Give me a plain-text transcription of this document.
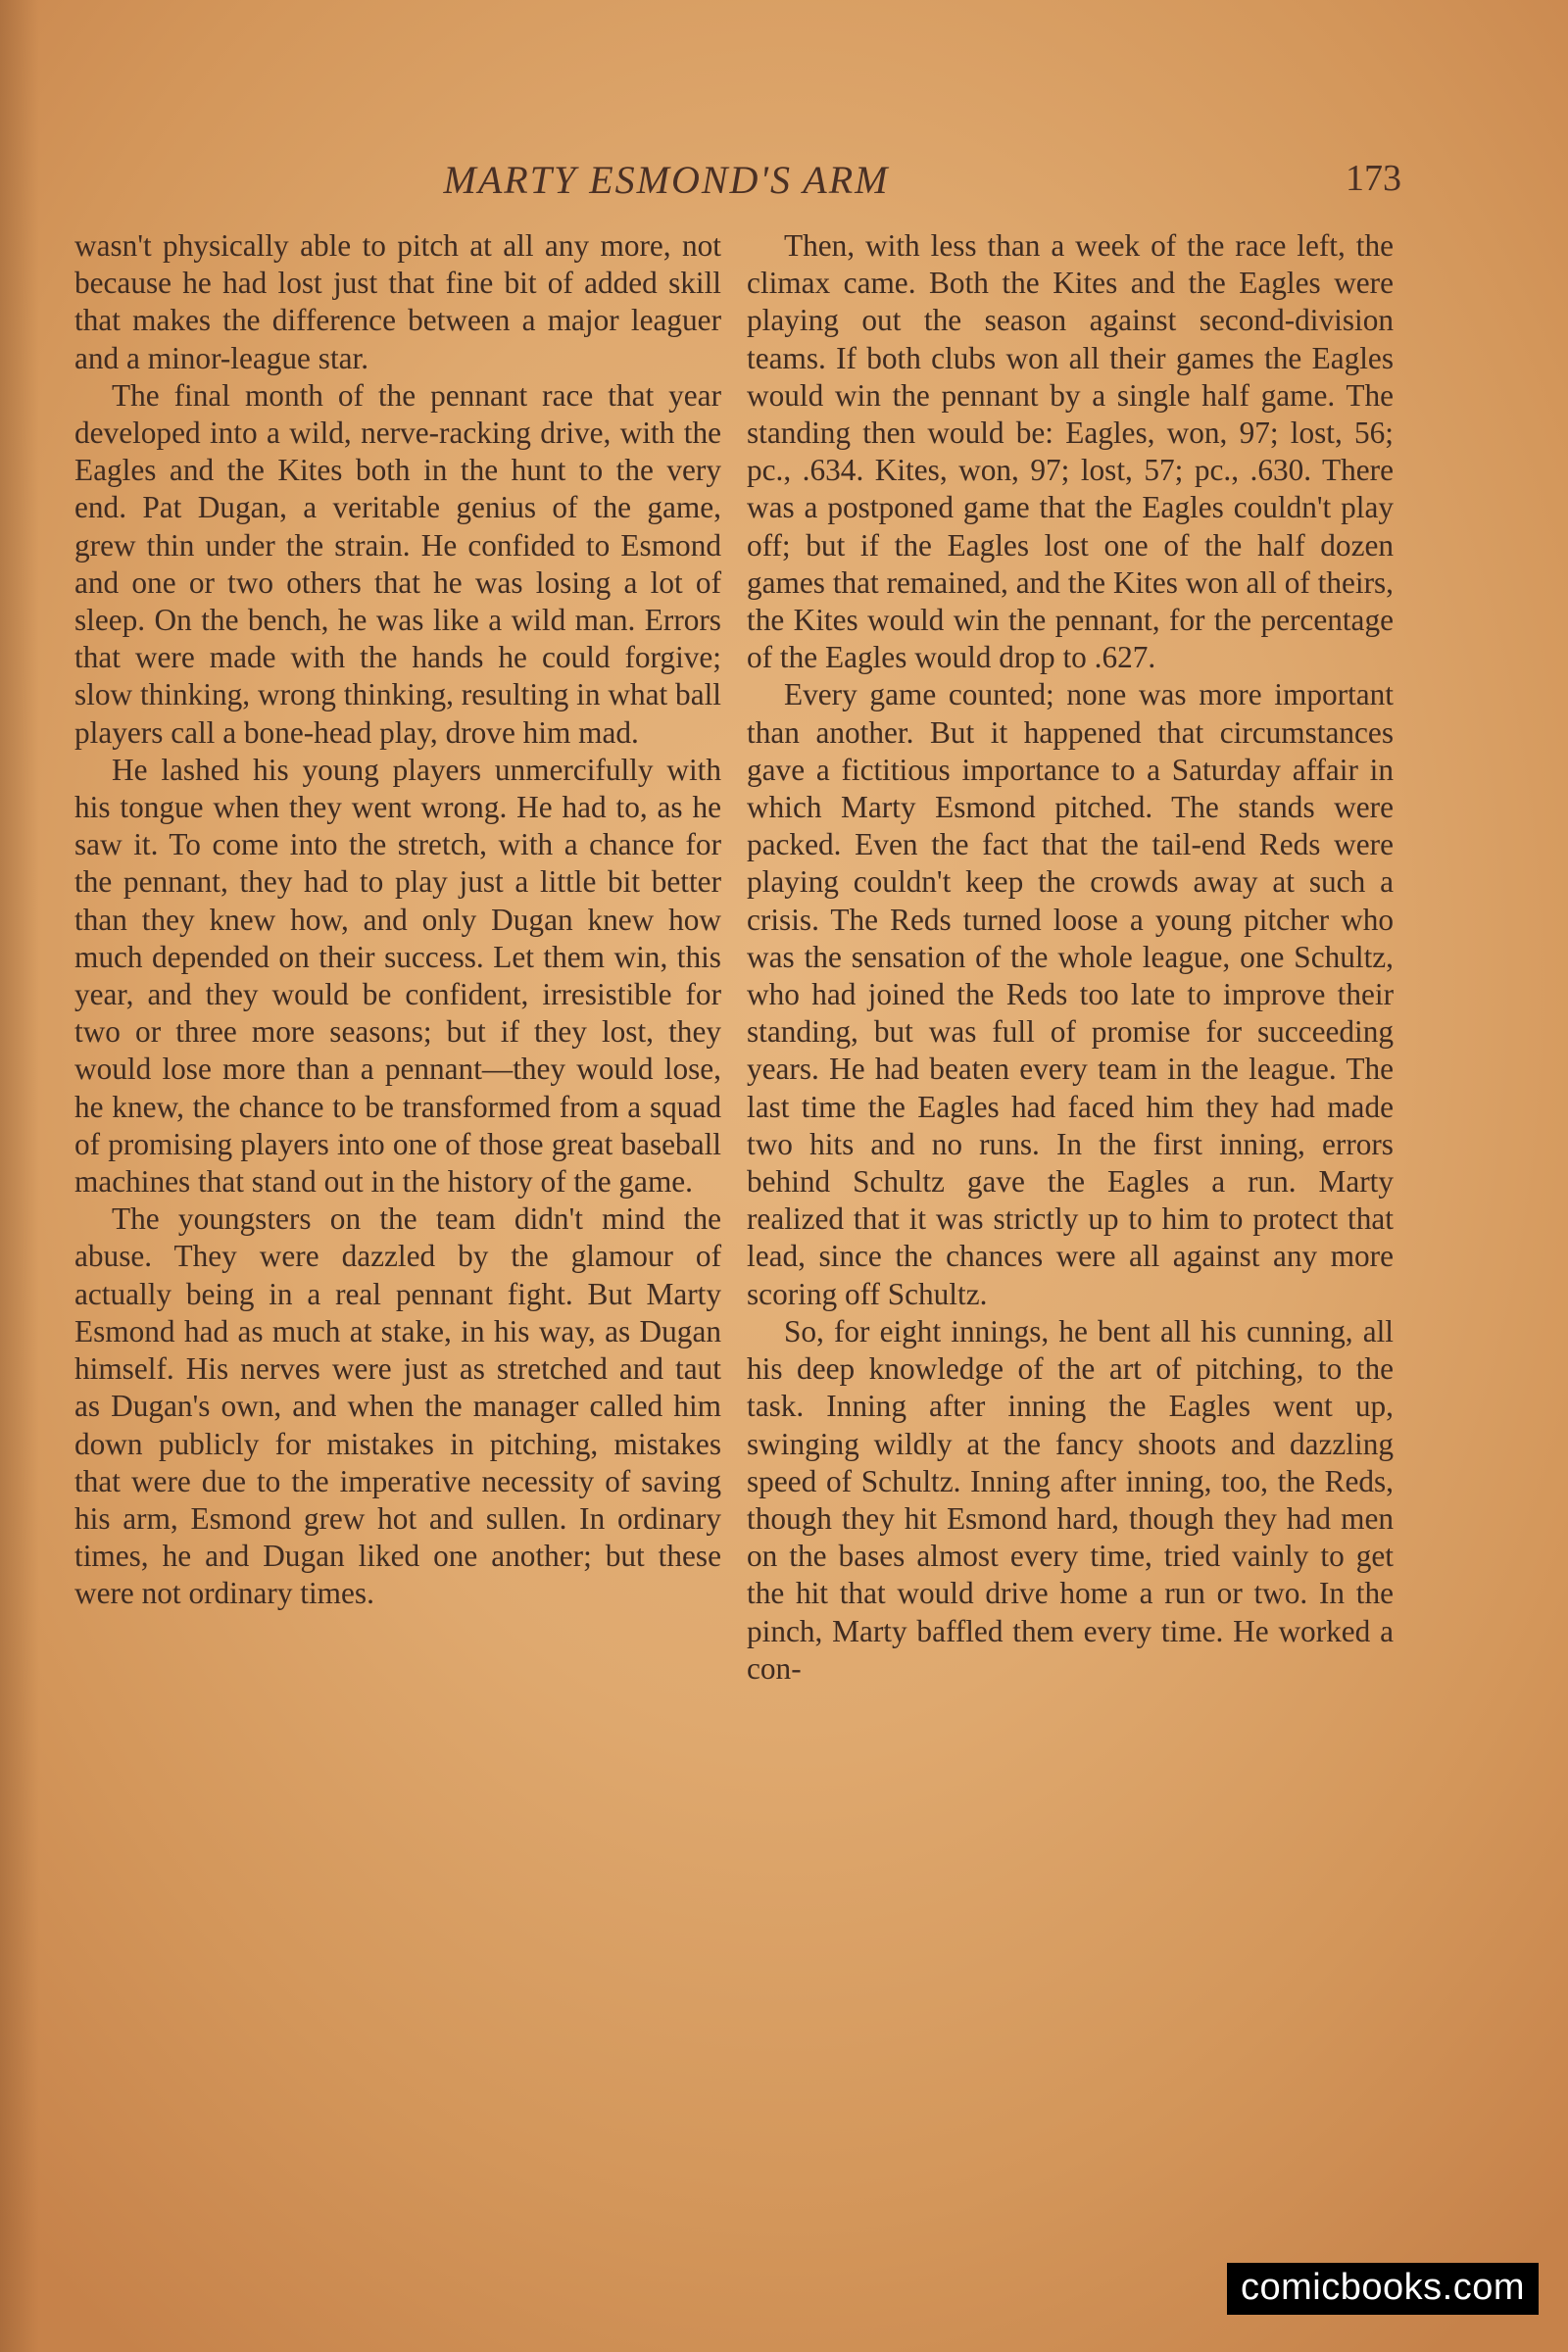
MARTY ESMOND'S ARM	173

wasn't physically able to pitch at all any more, not because he had lost just that fine bit of added skill that makes the difference between a major leaguer and a minor-league star.

The final month of the pennant race that year developed into a wild, nerve-racking drive, with the Eagles and the Kites both in the hunt to the very end. Pat Dugan, a veritable genius of the game, grew thin under the strain. He confided to Esmond and one or two others that he was losing a lot of sleep. On the bench, he was like a wild man. Errors that were made with the hands he could forgive; slow thinking, wrong thinking, resulting in what ball players call a bone-head play, drove him mad.

He lashed his young players unmercifully with his tongue when they went wrong. He had to, as he saw it. To come into the stretch, with a chance for the pennant, they had to play just a little bit better than they knew how, and only Dugan knew how much depended on their success. Let them win, this year, and they would be confident, irresistible for two or three more seasons; but if they lost, they would lose more than a pennant—they would lose, he knew, the chance to be transformed from a squad of promising players into one of those great baseball machines that stand out in the history of the game.

The youngsters on the team didn't mind the abuse. They were dazzled by the glamour of actually being in a real pennant fight. But Marty Esmond had as much at stake, in his way, as Dugan himself. His nerves were just as stretched and taut as Dugan's own, and when the manager called him down publicly for mistakes in pitching, mistakes that were due to the imperative necessity of saving his arm, Esmond grew hot and sullen. In ordinary times, he and Dugan liked one another; but these were not ordinary times.

Then, with less than a week of the race left, the climax came. Both the Kites and the Eagles were playing out the season against second-division teams. If both clubs won all their games the Eagles would win the pennant by a single half game. The standing then would be: Eagles, won, 97; lost, 56; pc., .634. Kites, won, 97; lost, 57; pc., .630. There was a postponed game that the Eagles couldn't play off; but if the Eagles lost one of the half dozen games that remained, and the Kites won all of theirs, the Kites would win the pennant, for the percentage of the Eagles would drop to .627.

Every game counted; none was more important than another. But it happened that circumstances gave a fictitious importance to a Saturday affair in which Marty Esmond pitched. The stands were packed. Even the fact that the tail-end Reds were playing couldn't keep the crowds away at such a crisis. The Reds turned loose a young pitcher who was the sensation of the whole league, one Schultz, who had joined the Reds too late to improve their standing, but was full of promise for succeeding years. He had beaten every team in the league. The last time the Eagles had faced him they had made two hits and no runs. In the first inning, errors behind Schultz gave the Eagles a run. Marty realized that it was strictly up to him to protect that lead, since the chances were all against any more scoring off Schultz.

So, for eight innings, he bent all his cunning, all his deep knowledge of the art of pitching, to the task. Inning after inning the Eagles went up, swinging wildly at the fancy shoots and dazzling speed of Schultz. Inning after inning, too, the Reds, though they hit Esmond hard, though they had men on the bases almost every time, tried vainly to get the hit that would drive home a run or two. In the pinch, Marty baffled them every time. He worked a con-

comicbooks.com
